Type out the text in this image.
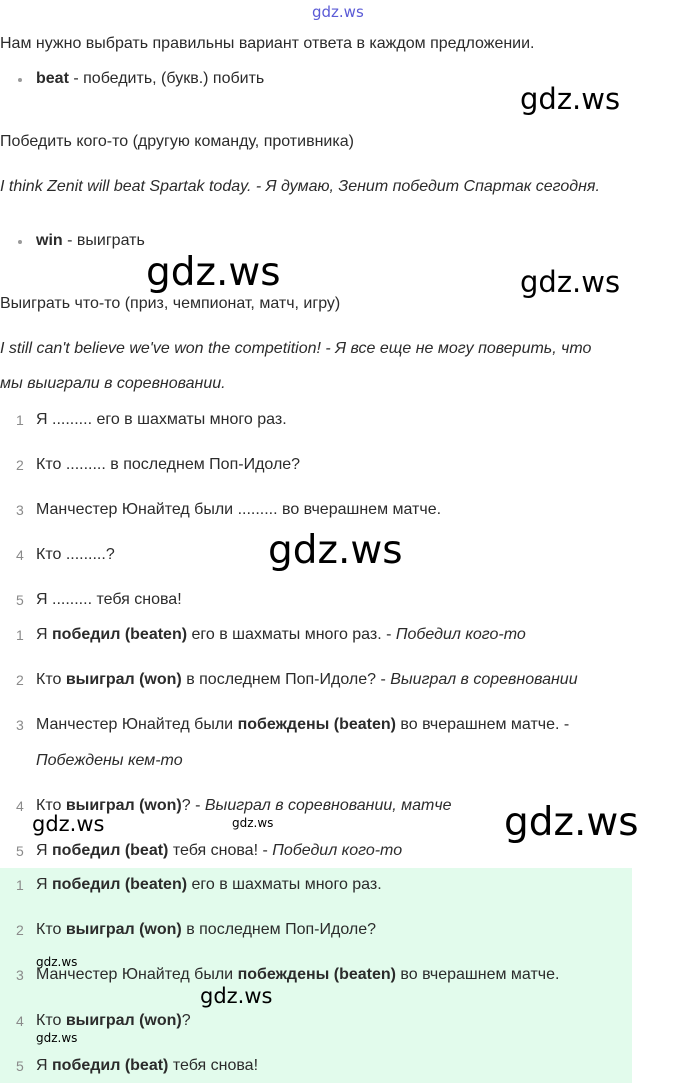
gdz.ws
Нам нужно выбрать правильны вариант ответа в каждом предложении.
beat - победить, (букв.) побить
gdz.ws
Победить кого-то (другую команду, противника)
I think Zenit will beat Spartak today. - Я думаю, Зенит победит Спартак сегодня.
win - выиграть
gdz.ws	gdz.ws
Выиграть что-то (приз, чемпионат, матч, игру)
I still can't believe we've won the competition! - Я все еще не могу поверить, что
мы выиграли в соревновании.
1 Я ......... его в шахматы много раз.
2 Кто ......... в последнем Поп-Идоле?
3 Манчестер Юнайтед были ......... во вчерашнем матче.
4 Кто .........?	gdz.ws
5 Я ......... тебя снова!
1 Я победил (beaten) его в шахматы много раз. - Победил кого-то
2 Кто выиграл (won) в последнем Поп-Идоле? - Выиграл в соревновании
3 Манчестер Юнайтед были побеждены (beaten) во вчерашнем матче. -
Побеждены кем-то
4 Кто выиграл (won)? - Выиграл в соревновании, матче
gdz.ws	gdz.ws	gdz.ws
5 Я победил (beat) тебя снова! - Победил кого-то
1 Я победил (beaten) его в шахматы много раз.
2 Кто выиграл (won) в последнем Поп-Идоле?
gdz.ws
3 Манчестер Юнайтед были побеждены (beaten) во вчерашнем матче.
gdz.ws
4 Кто выиграл (won)?
gdz.ws
5 Я победил (beat) тебя снова!
